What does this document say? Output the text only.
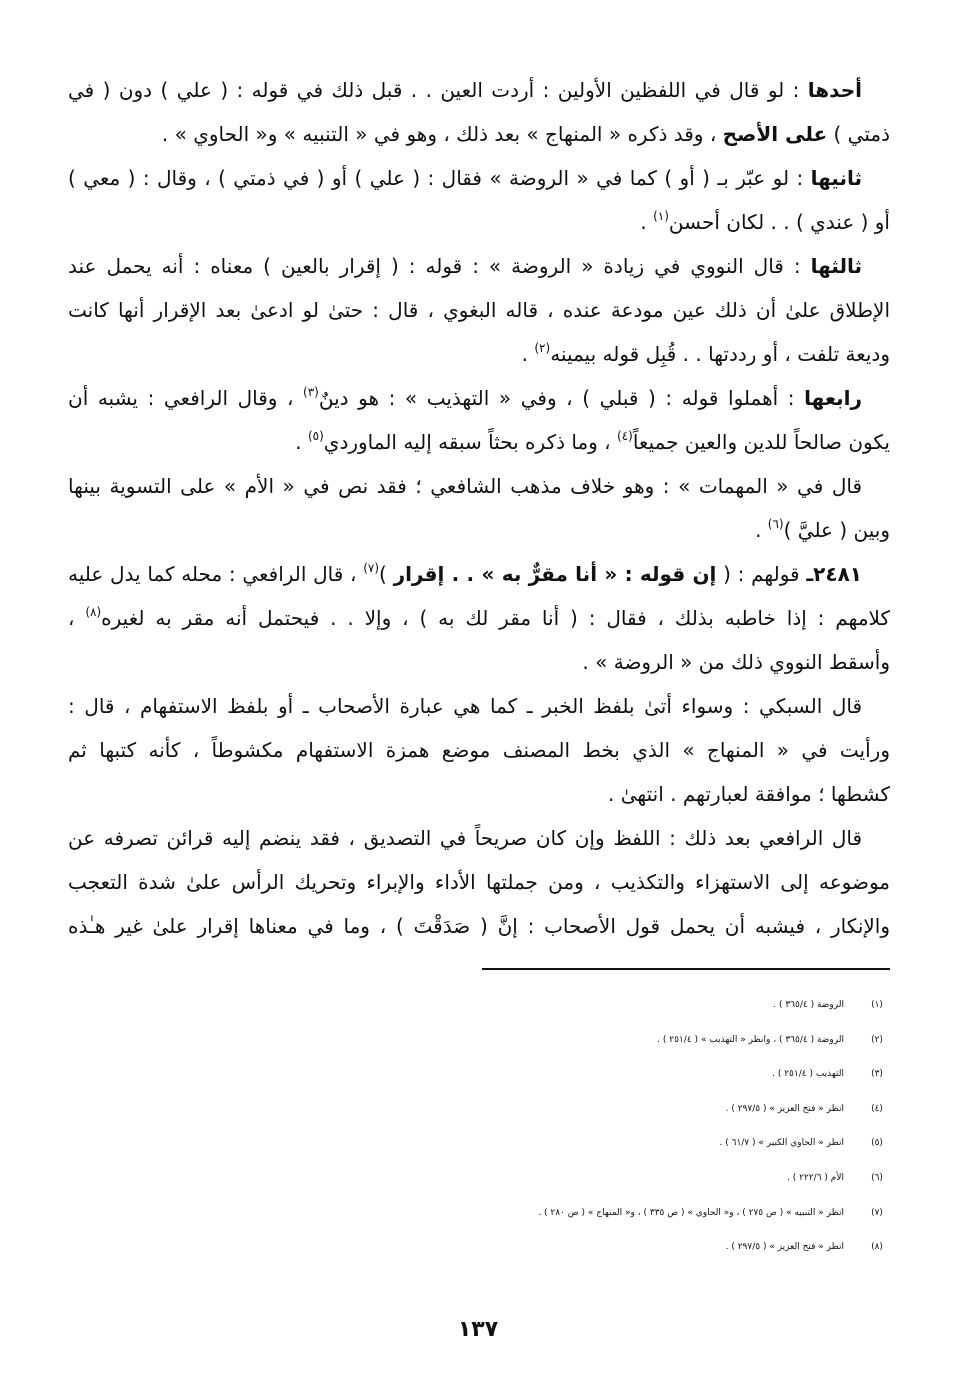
أحدها : لو قال في اللفظين الأولين : أردت العين . . قبل ذلك في قوله : ( علي ) دون ( في
ذمتي ) على الأصح ، وقد ذكره « المنهاج » بعد ذلك ، وهو في « التنبيه » و« الحاوي » .
ثانيها : لو عبّر بـ ( أو ) كما في « الروضة » فقال : ( علي ) أو ( في ذمتي ) ، وقال : ( معي )
أو ( عندي ) . . لكان أحسن$^{(١)}$ .
ثالثها : قال النووي في زيادة « الروضة » : قوله : ( إقرار بالعين ) معناه : أنه يحمل عند
الإطلاق علىٰ أن ذلك عين مودعة عنده ، قاله البغوي ، قال : حتىٰ لو ادعىٰ بعد الإقرار أنها كانت
وديعة تلفت ، أو رددتها . . قُبِل قوله بيمينه$^{(٢)}$ .
رابعها : أهملوا قوله : ( قبلي ) ، وفي « التهذيب » : هو دينٌ$^{(٣)}$ ، وقال الرافعي : يشبه أن
يكون صالحاً للدين والعين جميعاً$^{(٤)}$ ، وما ذكره بحثاً سبقه إليه الماوردي$^{(٥)}$ .
قال في « المهمات » : وهو خلاف مذهب الشافعي ؛ فقد نص في « الأم » على التسوية بينها
وبين ( عليَّ )$^{(٦)}$ .
٢٤٨١ـ قولهم : ( إن قوله : « أنا مقرٌّ به » . . إقرار )$^{(٧)}$ ، قال الرافعي : محله كما يدل عليه
كلامهم : إذا خاطبه بذلك ، فقال : ( أنا مقر لك به ) ، وإلا . . فيحتمل أنه مقر به لغيره$^{(٨)}$ ،
وأسقط النووي ذلك من « الروضة » .
قال السبكي : وسواء أتىٰ بلفظ الخبر ـ كما هي عبارة الأصحاب ـ أو بلفظ الاستفهام ، قال :
ورأيت في « المنهاج » الذي بخط المصنف موضع همزة الاستفهام مكشوطاً ، كأنه كتبها ثم
كشطها ؛ موافقة لعبارتهم . انتهىٰ .
قال الرافعي بعد ذلك : اللفظ وإن كان صريحاً في التصديق ، فقد ينضم إليه قرائن تصرفه عن
موضوعه إلى الاستهزاء والتكذيب ، ومن جملتها الأداء والإبراء وتحريك الرأس علىٰ شدة التعجب
والإنكار ، فيشبه أن يحمل قول الأصحاب : إنَّ ( صَدَقْتَ ) ، وما في معناها إقرار علىٰ غير هـٰذه
(١)
الروضة ( ٣٦٥/٤ ) .
(٢)
الروضة ( ٣٦٥/٤ ) ، وانظر « التهذيب » ( ٢٥١/٤ ) .
(٣)
التهذيب ( ٢٥١/٤ ) .
(٤)
انظر « فتح العزيز » ( ٢٩٧/٥ ) .
(٥)
انظر « الحاوي الكبير » ( ٦١/٧ ) .
(٦)
الأم ( ٢٢٢/٦ ) .
(٧)
انظر « التنبيه » ( ص ٢٧٥ ) ، و« الحاوي » ( ص ٣٣٥ ) ، و« المنهاج » ( ص ٢٨٠ ) .
(٨)
انظر « فتح العزيز » ( ٢٩٧/٥ ) .
١٣٧
